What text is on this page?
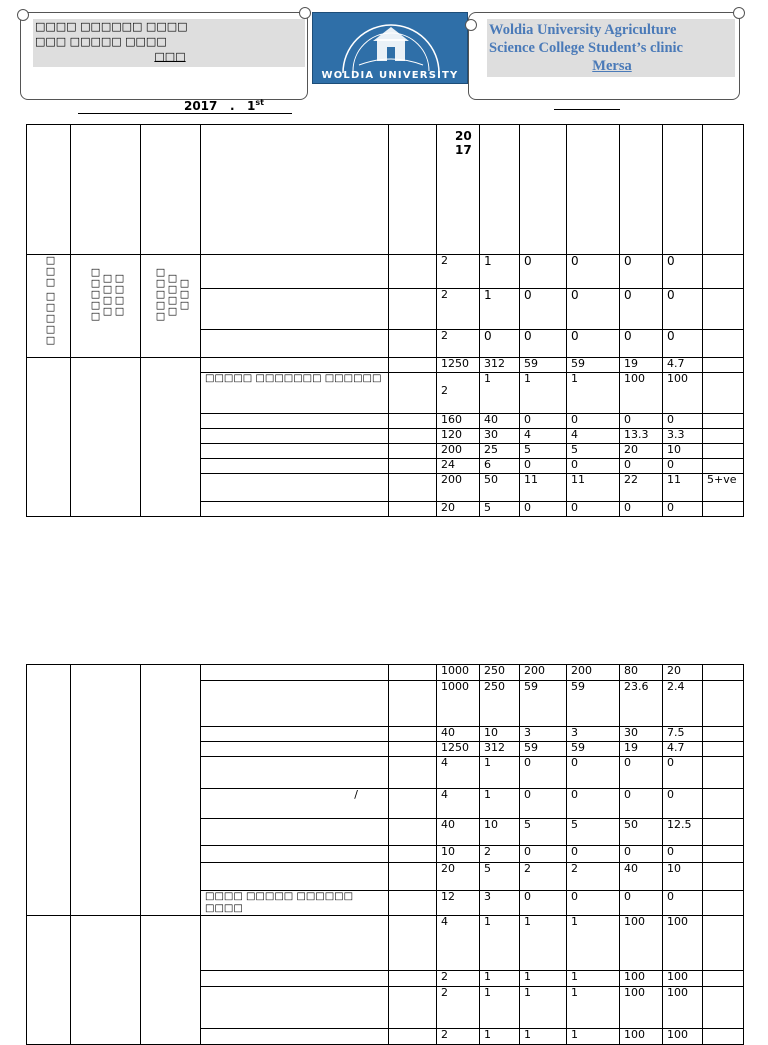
□□□□ □□□□□□ □□□□
□□□ □□□□□ □□□□
□□□
WOLDIA UNIVERSITY
Woldia University Agriculture
Science College Student’s clinic
Mersa
2017 . 1st
					20 17						
□□□□□ □□□	□□□□□ □□□□ □□□□	□□□□□ □□□□ □□□			2	1	0	0	0	0	
					2	1	0	0	0	0	
					2	0	0	0	0	0	
					1250	312	59	59	19	4.7	
			□□□□□ □□□□□□□ □□□□□□		2	1	1	1	100	100	
					160	40	0	0	0	0	
					120	30	4	4	13.3	3.3	
					200	25	5	5	20	10	
					24	6	0	0	0	0	
					200	50	11	11	22	11	5+ve
					20	5	0	0	0	0	
					1000	250	200	200	80	20	
					1000	250	59	59	23.6	2.4	
					40	10	3	3	30	7.5	
					1250	312	59	59	19	4.7	
					4	1	0	0	0	0	
			/		4	1	0	0	0	0	
					40	10	5	5	50	12.5	
					10	2	0	0	0	0	
					20	5	2	2	40	10	
			□□□□ □□□□□ □□□□□□ □□□□		12	3	0	0	0	0	
					4	1	1	1	100	100	
					2	1	1	1	100	100	
					2	1	1	1	100	100	
					2	1	1	1	100	100	
